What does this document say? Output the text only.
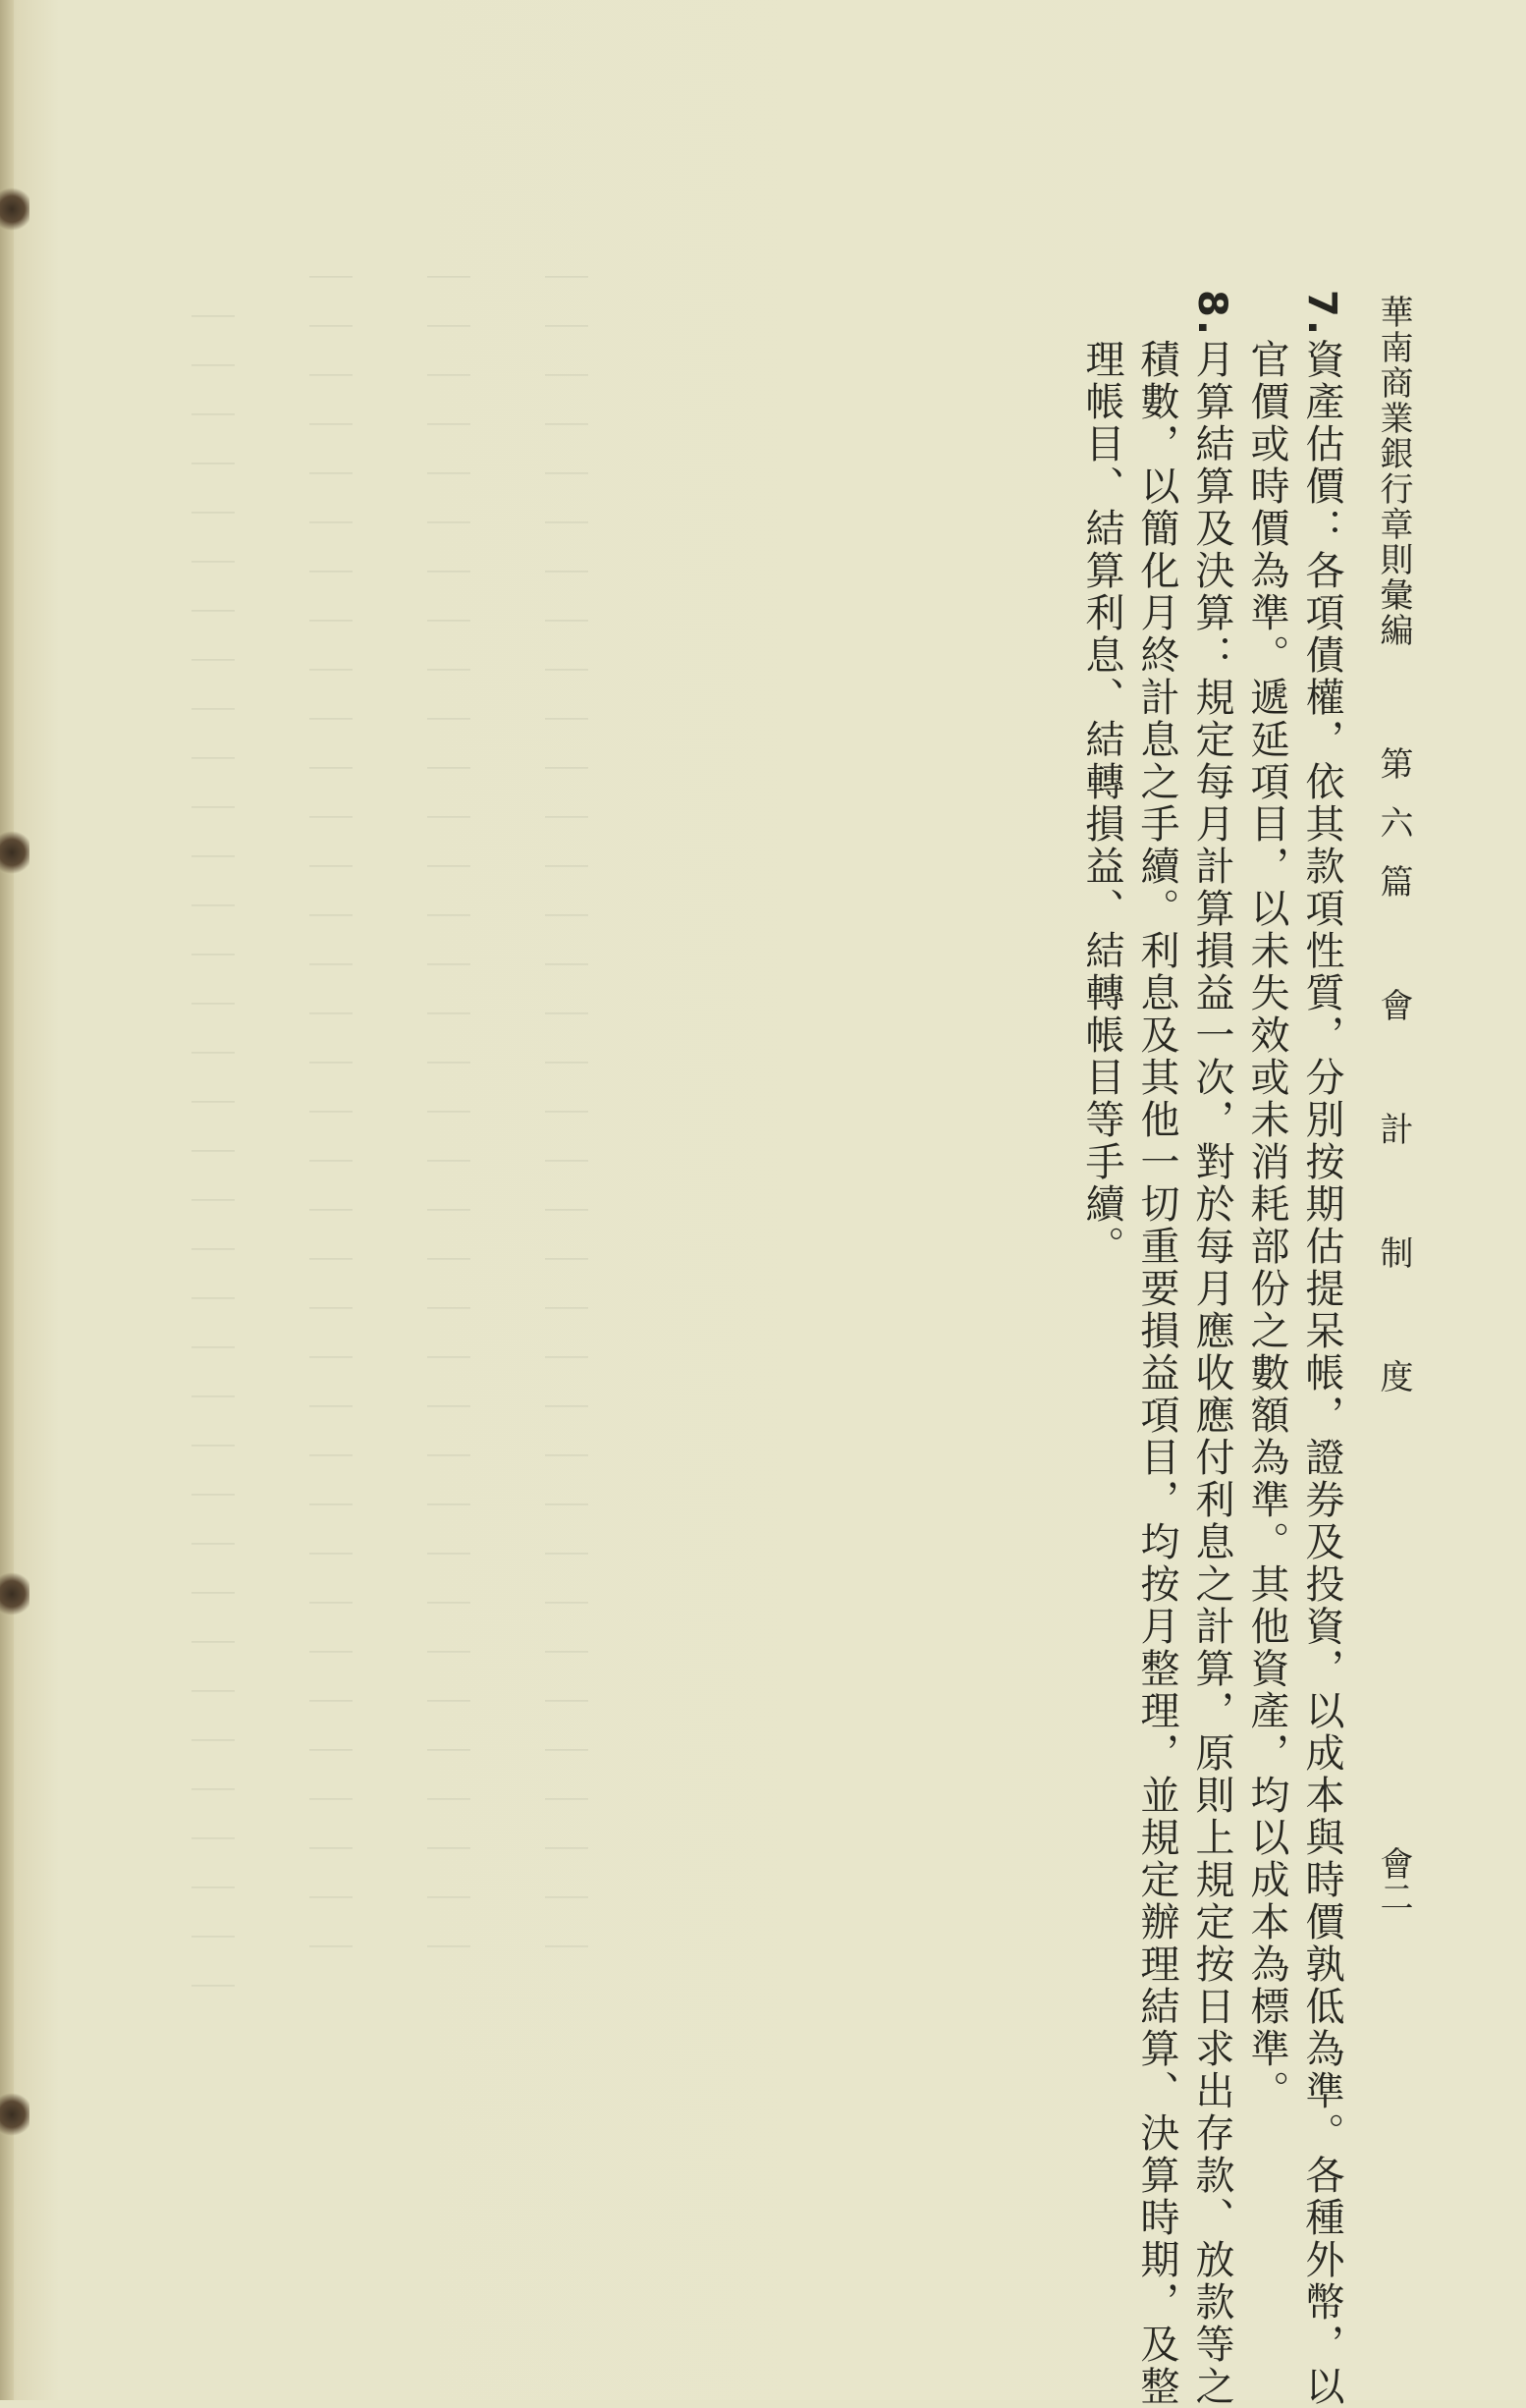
｜｜｜｜｜｜｜｜｜｜｜｜｜｜｜｜｜｜｜｜｜｜｜｜｜｜｜｜｜｜｜｜｜｜｜ ｜｜｜｜｜｜｜｜｜｜｜｜｜｜｜｜｜｜｜｜｜｜｜｜｜｜｜｜｜｜｜｜｜｜｜ ｜｜｜｜｜｜｜｜｜｜｜｜｜｜｜｜｜｜｜｜｜｜｜｜｜｜｜｜｜｜｜｜｜｜｜ ｜｜｜｜｜｜｜｜｜｜｜｜｜｜｜｜｜｜｜｜｜｜｜｜｜｜｜｜｜｜｜｜｜｜｜	華南商業銀行章則彙編
第六篇 會 計 制 度
會二
7.
資產估價：各項債權，依其款項性質，分別按期估提呆帳，證券及投資，以成本與時價孰低為準。各種外幣，以
官價或時價為準。遞延項目，以未失效或未消耗部份之數額為準。其他資產，均以成本為標準。
8.
月算結算及決算：規定每月計算損益一次，對於每月應收應付利息之計算，原則上規定按日求出存款、放款等之
積數，以簡化月終計息之手續。利息及其他一切重要損益項目，均按月整理，並規定辦理結算、決算時期，及整
理帳目、結算利息、結轉損益、結轉帳目等手續。
